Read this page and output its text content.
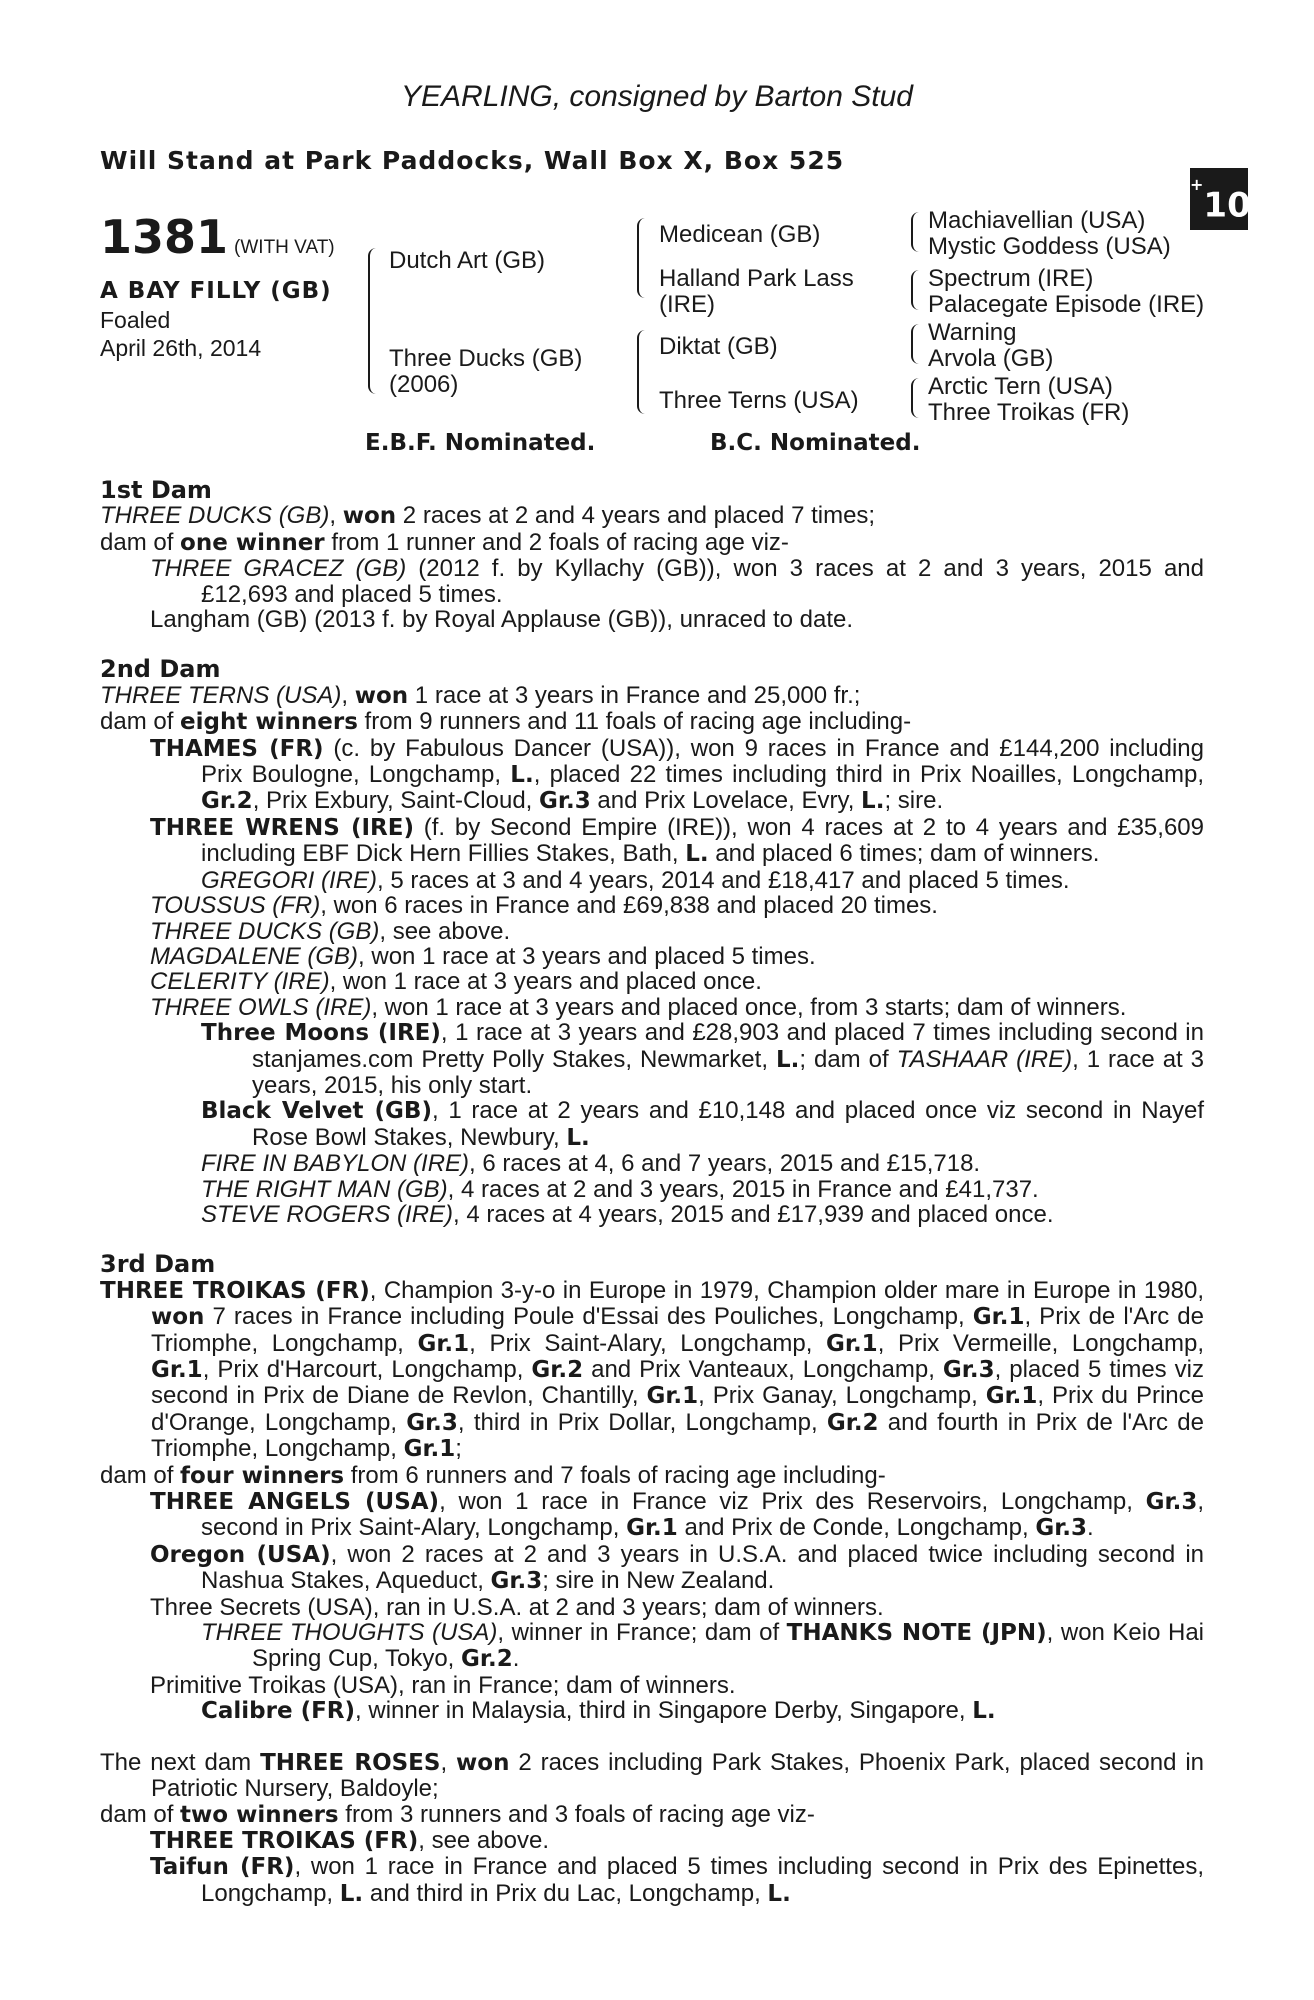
YEARLING, consigned by Barton Stud
Will Stand at Park Paddocks, Wall Box X, Box 525
+10
1381 (WITH VAT)
A BAY FILLY (GB)
Foaled
April 26th, 2014
Dutch Art (GB)
Three Ducks (GB)
(2006)
Medicean (GB)
Halland Park Lass
(IRE)
Diktat (GB)
Three Terns (USA)
Machiavellian (USA)
Mystic Goddess (USA)
Spectrum (IRE)
Palacegate Episode (IRE)
Warning
Arvola (GB)
Arctic Tern (USA)
Three Troikas (FR)
E.B.F. Nominated.	B.C. Nominated.

1st Dam

THREE DUCKS (GB), won 2 races at 2 and 4 years and placed 7 times;

dam of one winner from 1 runner and 2 foals of racing age viz-

THREE GRACEZ (GB) (2012 f. by Kyllachy (GB)), won 3 races at 2 and 3 years, 2015 and £12,693 and placed 5 times.

Langham (GB) (2013 f. by Royal Applause (GB)), unraced to date.

2nd Dam

THREE TERNS (USA), won 1 race at 3 years in France and 25,000 fr.;

dam of eight winners from 9 runners and 11 foals of racing age including-

THAMES (FR) (c. by Fabulous Dancer (USA)), won 9 races in France and £144,200 including Prix Boulogne, Longchamp, L., placed 22 times including third in Prix Noailles, Longchamp, Gr.2, Prix Exbury, Saint-Cloud, Gr.3 and Prix Lovelace, Evry, L.; sire.

THREE WRENS (IRE) (f. by Second Empire (IRE)), won 4 races at 2 to 4 years and £35,609 including EBF Dick Hern Fillies Stakes, Bath, L. and placed 6 times; dam of winners.

GREGORI (IRE), 5 races at 3 and 4 years, 2014 and £18,417 and placed 5 times.

TOUSSUS (FR), won 6 races in France and £69,838 and placed 20 times.

THREE DUCKS (GB), see above.

MAGDALENE (GB), won 1 race at 3 years and placed 5 times.

CELERITY (IRE), won 1 race at 3 years and placed once.

THREE OWLS (IRE), won 1 race at 3 years and placed once, from 3 starts; dam of winners.

Three Moons (IRE), 1 race at 3 years and £28,903 and placed 7 times including second in stanjames.com Pretty Polly Stakes, Newmarket, L.; dam of TASHAAR (IRE), 1 race at 3 years, 2015, his only start.

Black Velvet (GB), 1 race at 2 years and £10,148 and placed once viz second in Nayef Rose Bowl Stakes, Newbury, L.

FIRE IN BABYLON (IRE), 6 races at 4, 6 and 7 years, 2015 and £15,718.

THE RIGHT MAN (GB), 4 races at 2 and 3 years, 2015 in France and £41,737.

STEVE ROGERS (IRE), 4 races at 4 years, 2015 and £17,939 and placed once.

3rd Dam

THREE TROIKAS (FR), Champion 3-y-o in Europe in 1979, Champion older mare in Europe in 1980, won 7 races in France including Poule d'Essai des Pouliches, Longchamp, Gr.1, Prix de l'Arc de Triomphe, Longchamp, Gr.1, Prix Saint-Alary, Longchamp, Gr.1, Prix Vermeille, Longchamp, Gr.1, Prix d'Harcourt, Longchamp, Gr.2 and Prix Vanteaux, Longchamp, Gr.3, placed 5 times viz second in Prix de Diane de Revlon, Chantilly, Gr.1, Prix Ganay, Longchamp, Gr.1, Prix du Prince d'Orange, Longchamp, Gr.3, third in Prix Dollar, Longchamp, Gr.2 and fourth in Prix de l'Arc de Triomphe, Longchamp, Gr.1;

dam of four winners from 6 runners and 7 foals of racing age including-

THREE ANGELS (USA), won 1 race in France viz Prix des Reservoirs, Longchamp, Gr.3, second in Prix Saint-Alary, Longchamp, Gr.1 and Prix de Conde, Longchamp, Gr.3.

Oregon (USA), won 2 races at 2 and 3 years in U.S.A. and placed twice including second in Nashua Stakes, Aqueduct, Gr.3; sire in New Zealand.

Three Secrets (USA), ran in U.S.A. at 2 and 3 years; dam of winners.

THREE THOUGHTS (USA), winner in France; dam of THANKS NOTE (JPN), won Keio Hai Spring Cup, Tokyo, Gr.2.

Primitive Troikas (USA), ran in France; dam of winners.

Calibre (FR), winner in Malaysia, third in Singapore Derby, Singapore, L.

The next dam THREE ROSES, won 2 races including Park Stakes, Phoenix Park, placed second in Patriotic Nursery, Baldoyle;

dam of two winners from 3 runners and 3 foals of racing age viz-

THREE TROIKAS (FR), see above.

Taifun (FR), won 1 race in France and placed 5 times including second in Prix des Epinettes, Longchamp, L. and third in Prix du Lac, Longchamp, L.
